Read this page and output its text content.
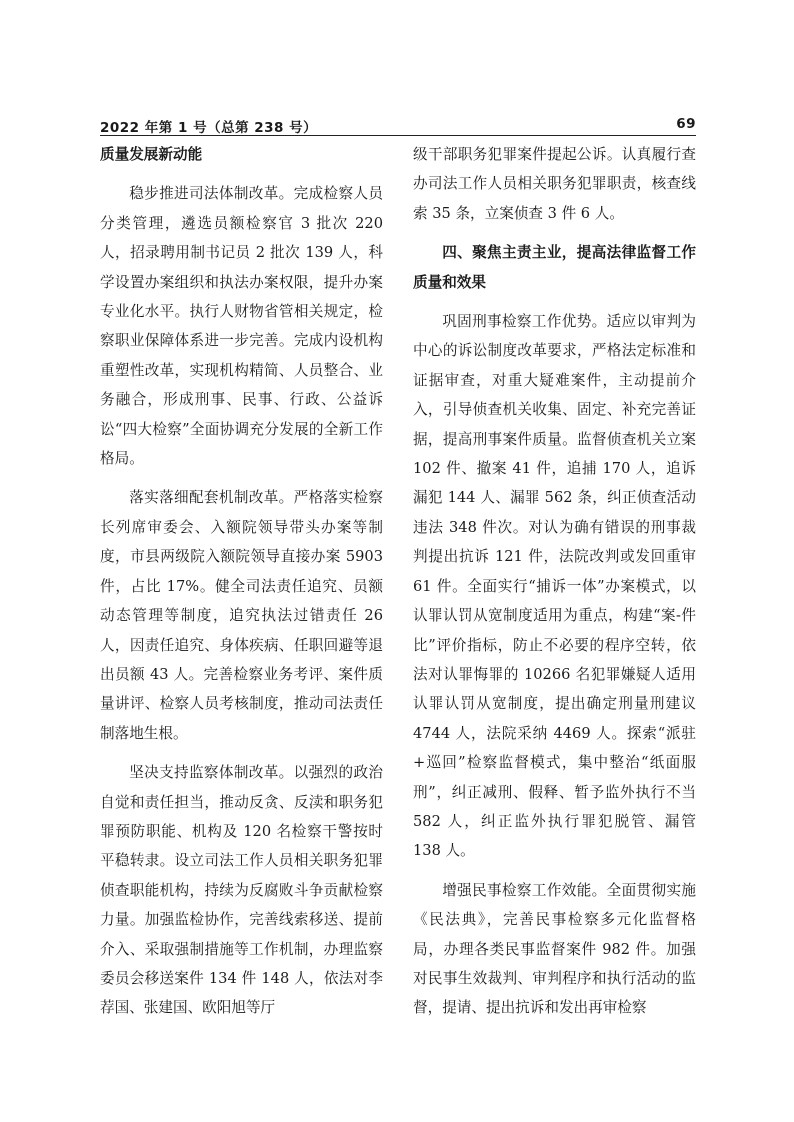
2022 年第 1 号（总第 238 号）	69

质量发展新动能

稳步推进司法体制改革。完成检察人员分类管理，遴选员额检察官 3 批次 220 人，招录聘用制书记员 2 批次 139 人，科学设置办案组织和执法办案权限，提升办案专业化水平。执行人财物省管相关规定，检察职业保障体系进一步完善。完成内设机构重塑性改革，实现机构精简、人员整合、业务融合，形成刑事、民事、行政、公益诉讼“四大检察”全面协调充分发展的全新工作格局。

落实落细配套机制改革。严格落实检察长列席审委会、入额院领导带头办案等制度，市县两级院入额院领导直接办案 5903 件，占比 17%。健全司法责任追究、员额动态管理等制度，追究执法过错责任 26 人，因责任追究、身体疾病、任职回避等退出员额 43 人。完善检察业务考评、案件质量讲评、检察人员考核制度，推动司法责任制落地生根。

坚决支持监察体制改革。以强烈的政治自觉和责任担当，推动反贪、反渎和职务犯罪预防职能、机构及 120 名检察干警按时平稳转隶。设立司法工作人员相关职务犯罪侦查职能机构，持续为反腐败斗争贡献检察力量。加强监检协作，完善线索移送、提前介入、采取强制措施等工作机制，办理监察委员会移送案件 134 件 148 人，依法对李荐国、张建国、欧阳旭等厅

级干部职务犯罪案件提起公诉。认真履行查办司法工作人员相关职务犯罪职责，核查线索 35 条，立案侦查 3 件 6 人。

四、聚焦主责主业，提高法律监督工作质量和效果

巩固刑事检察工作优势。适应以审判为中心的诉讼制度改革要求，严格法定标准和证据审查，对重大疑难案件，主动提前介入，引导侦查机关收集、固定、补充完善证据，提高刑事案件质量。监督侦查机关立案 102 件、撤案 41 件，追捕 170 人，追诉漏犯 144 人、漏罪 562 条，纠正侦查活动违法 348 件次。对认为确有错误的刑事裁判提出抗诉 121 件，法院改判或发回重审 61 件。全面实行“捕诉一体”办案模式，以认罪认罚从宽制度适用为重点，构建“案-件比”评价指标，防止不必要的程序空转，依法对认罪悔罪的 10266 名犯罪嫌疑人适用认罪认罚从宽制度，提出确定刑量刑建议 4744 人，法院采纳 4469 人。探索“派驻+巡回”检察监督模式，集中整治“纸面服刑”，纠正减刑、假释、暂予监外执行不当 582 人，纠正监外执行罪犯脱管、漏管 138 人。

增强民事检察工作效能。全面贯彻实施《民法典》，完善民事检察多元化监督格局，办理各类民事监督案件 982 件。加强对民事生效裁判、审判程序和执行活动的监督，提请、提出抗诉和发出再审检察
